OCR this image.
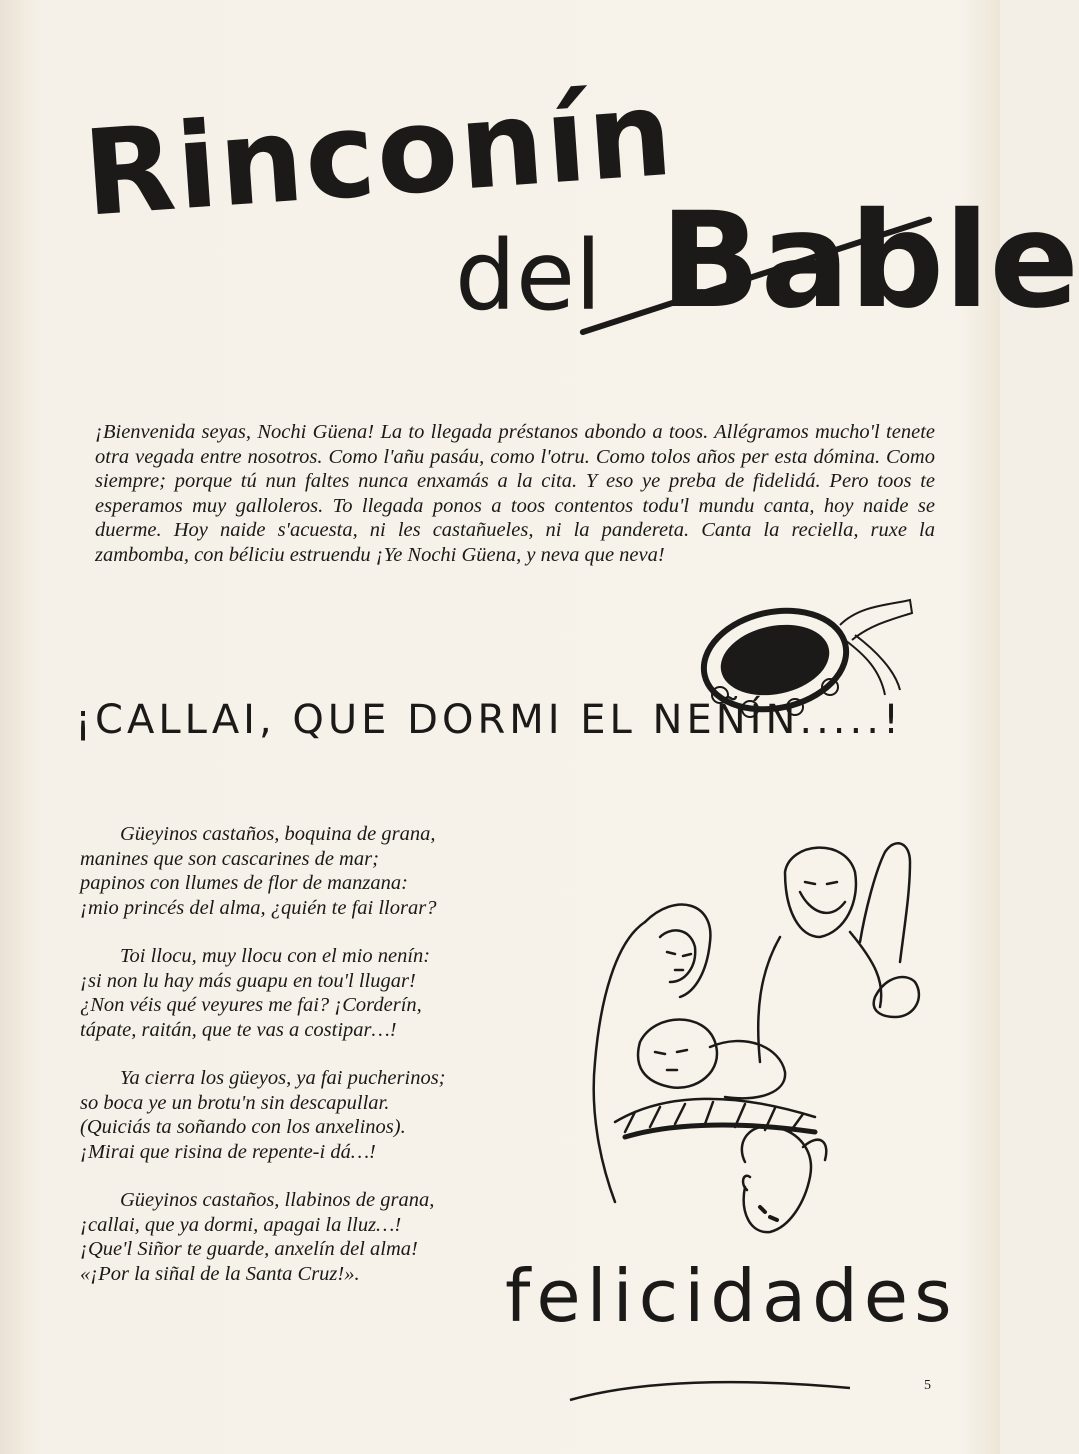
Rinconín
del Bable

¡Bienvenida seyas, Nochi Güena! La to llegada préstanos abondo a toos. Allégramos mucho'l tenete otra vegada entre nosotros. Como l'añu pasáu, como l'otru. Como tolos años per esta dómina. Como siempre; porque tú nun faltes nunca enxamás a la cita. Y eso ye preba de fidelidá. Pero toos te esperamos muy galloleros. To llegada ponos a toos contentos todu'l mundu canta, hoy naide se duerme. Hoy naide s'acuesta, ni les castañueles, ni la pandereta. Canta la reciella, ruxe la zambomba, con béliciu estruendu ¡Ye Nochi Güena, y neva que neva!

¡CALLAI, QUE DORMI EL NEÑÍN.....!

Güeyinos castaños, boquina de grana,
manines que son cascarines de mar;
papinos con llumes de flor de manzana:
¡mio princés del alma, ¿quién te fai llorar?

Toi llocu, muy llocu con el mio nenín:
¡si non lu hay más guapu en tou'l llugar!
¿Non véis qué veyures me fai? ¡Corderín,
tápate, raitán, que te vas a costipar…!

Ya cierra los güeyos, ya fai pucherinos;
so boca ye un brotu'n sin descapullar.
(Quiciás ta soñando con los anxelinos).
¡Mirai que risina de repente-i dá…!

Güeyinos castaños, llabinos de grana,
¡callai, que ya dormi, apagai la lluz…!
¡Que'l Siñor te guarde, anxelín del alma!
«¡Por la siñal de la Santa Cruz!».	felicidades
5
